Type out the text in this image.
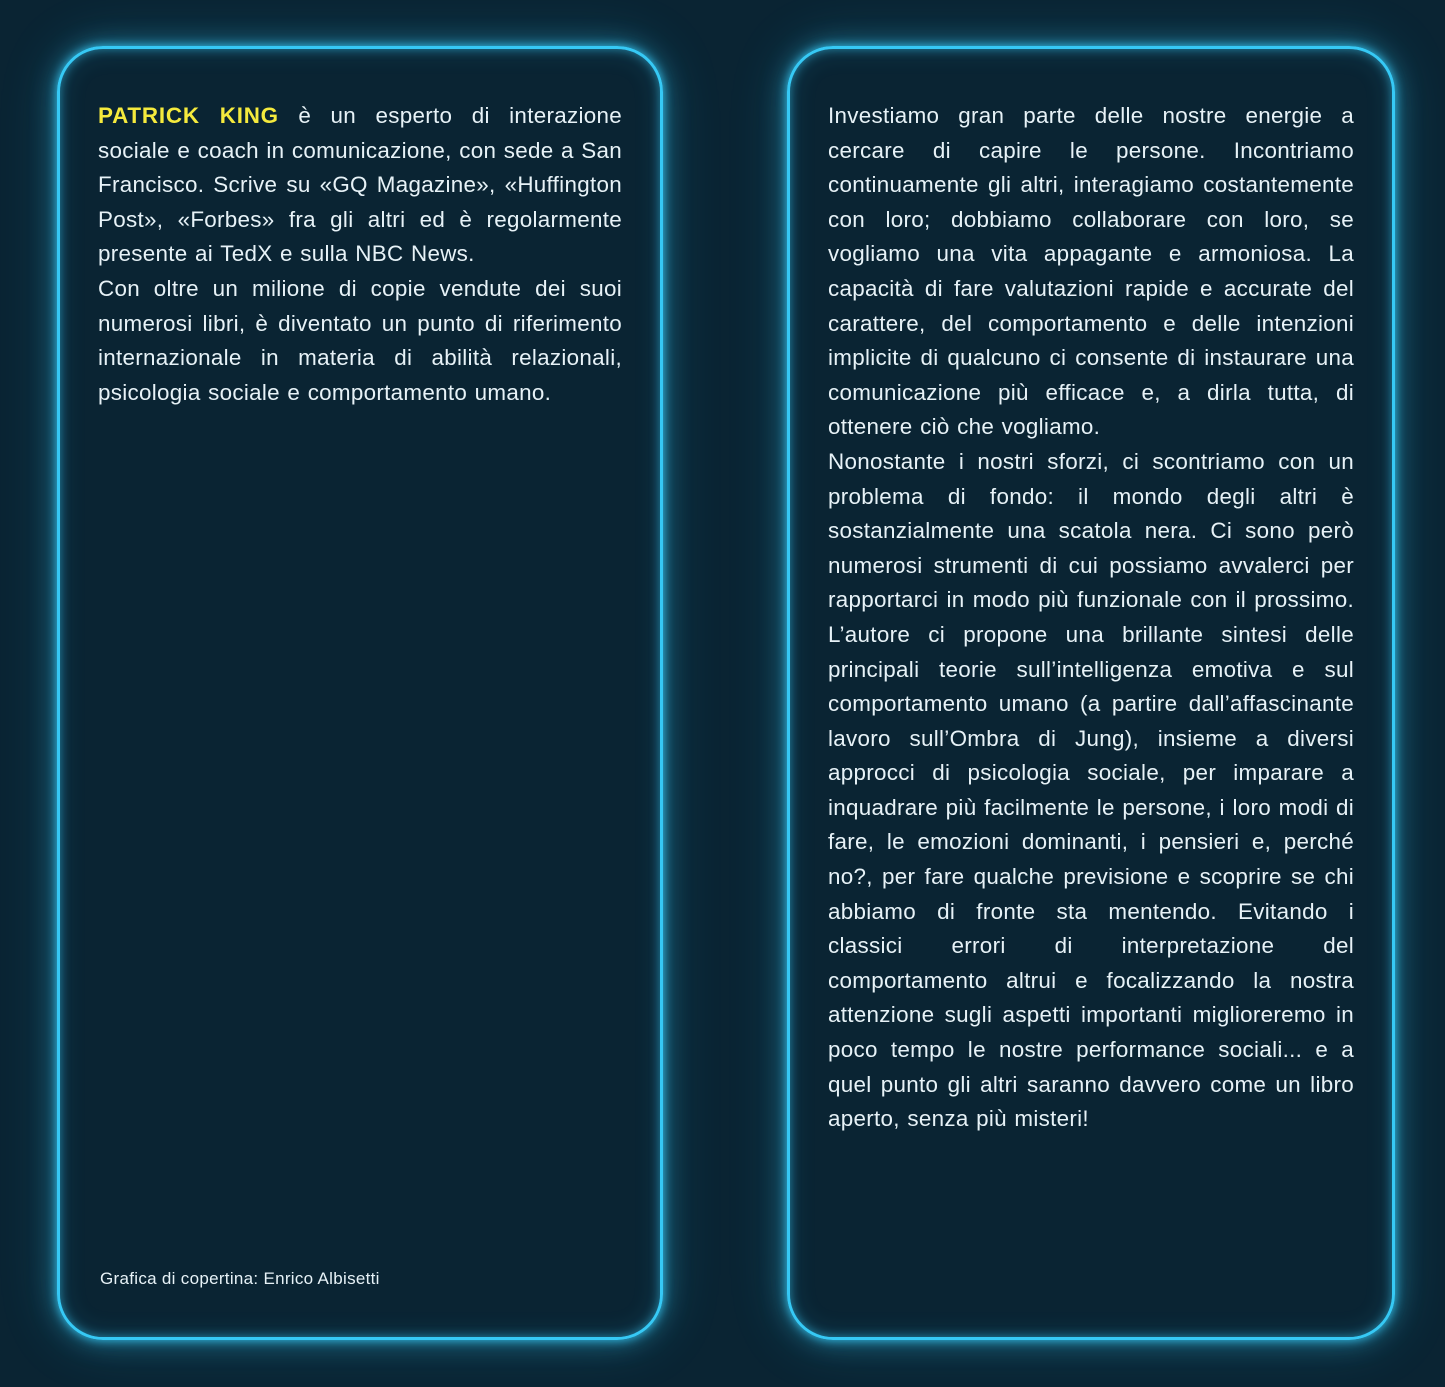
PATRICK KING è un esperto di interazione sociale e coach in comunicazione, con sede a San Francisco. Scrive su «GQ Magazine», «Huffington Post», «Forbes» fra gli altri ed è regolarmente presente ai TedX e sulla NBC News.

Con oltre un milione di copie vendute dei suoi numerosi libri, è diventato un punto di riferimento internazionale in materia di abilità relazionali, psicologia sociale e comportamento umano.

Grafica di copertina: Enrico Albisetti

Investiamo gran parte delle nostre energie a cercare di capire le persone. Incontriamo continuamente gli altri, interagiamo costantemente con loro; dobbiamo collaborare con loro, se vogliamo una vita appagante e armoniosa. La capacità di fare valutazioni rapide e accurate del carattere, del comportamento e delle intenzioni implicite di qualcuno ci consente di instaurare una comunicazione più efficace e, a dirla tutta, di ottenere ciò che vogliamo.

Nonostante i nostri sforzi, ci scontriamo con un problema di fondo: il mondo degli altri è sostanzialmente una scatola nera. Ci sono però numerosi strumenti di cui possiamo avvalerci per rapportarci in modo più funzionale con il prossimo. L’autore ci propone una brillante sintesi delle principali teorie sull’intelligenza emotiva e sul comportamento umano (a partire dall’affascinante lavoro sull’Ombra di Jung), insieme a diversi approcci di psicologia sociale, per imparare a inquadrare più facilmente le persone, i loro modi di fare, le emozioni dominanti, i pensieri e, perché no?, per fare qualche previsione e scoprire se chi abbiamo di fronte sta mentendo. Evitando i classici errori di interpretazione del comportamento altrui e focalizzando la nostra attenzione sugli aspetti importanti miglioreremo in poco tempo le nostre performance sociali... e a quel punto gli altri saranno davvero come un libro aperto, senza più misteri!
